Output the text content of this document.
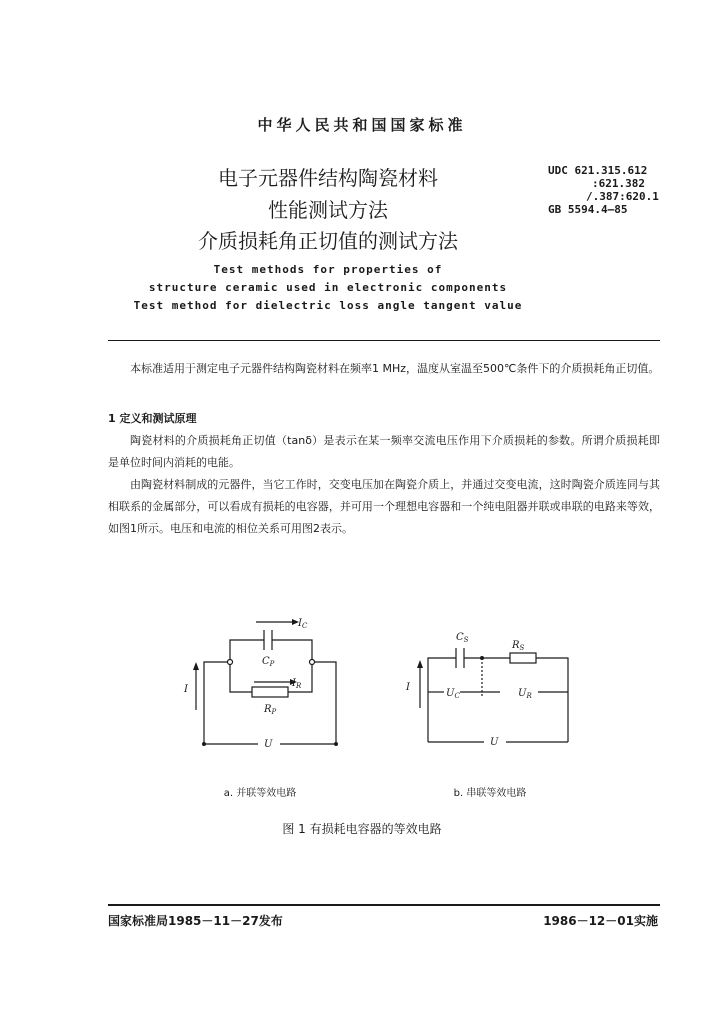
中华人民共和国国家标准
电子元器件结构陶瓷材料
性能测试方法
介质损耗角正切值的测试方法
UDC 621.315.612
:621.382
/.387:620.1
GB 5594.4—85
Test methods for properties of
structure ceramic used in electronic components
Test method for dielectric loss angle tangent value
本标准适用于测定电子元器件结构陶瓷材料在频率1 MHz，温度从室温至500℃条件下的介质损耗角正切值。
1 定义和测试原理
陶瓷材料的介质损耗角正切值（tanδ）是表示在某一频率交流电压作用下介质损耗的参数。所谓介质损耗即是单位时间内消耗的电能。
由陶瓷材料制成的元器件，当它工作时，交变电压加在陶瓷介质上，并通过交变电流，这时陶瓷介质连同与其相联系的金属部分，可以看成有损耗的电容器，并可用一个理想电容器和一个纯电阻器并联或串联的电路来等效，如图1所示。电压和电流的相位关系可用图2表示。
$I_C$
$C_P$
$I_R$
$R_P$
I
U
$C_S$	$R_S$
$U_C$	$U_R$
I
U
a. 并联等效电路	b. 串联等效电路
图 1 有损耗电容器的等效电路
国家标准局1985－11－27发布	1986－12－01实施
